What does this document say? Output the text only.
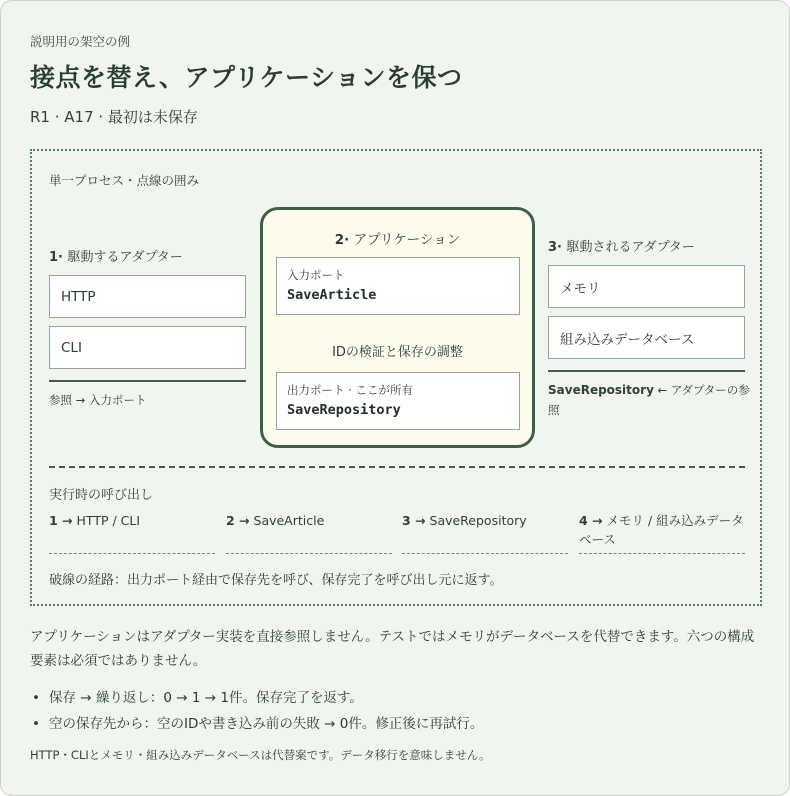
説明用の架空の例
接点を替え、アプリケーションを保つ
R1 · A17 · 最初は未保存
単一プロセス・点線の囲み
1· 駆動するアダプター
HTTP
CLI
参照 → 入力ポート
2· アプリケーション
入力ポート
SaveArticle
IDの検証と保存の調整
出力ポート · ここが所有
SaveRepository
3· 駆動されるアダプター
メモリ
組み込みデータベース
SaveRepository ← アダプターの参照
実行時の呼び出し
1 → HTTP / CLI	2 → SaveArticle	3 → SaveRepository	4 → メモリ / 組み込みデータベース
破線の経路：出力ポート経由で保存先を呼び、保存完了を呼び出し元に返す。
アプリケーションはアダプター実装を直接参照しません。テストではメモリがデータベースを代替できます。六つの構成要素は必須ではありません。
• 保存 → 繰り返し：0 → 1 → 1件。保存完了を返す。
• 空の保存先から：空のIDや書き込み前の失敗 → 0件。修正後に再試行。
HTTP・CLIとメモリ・組み込みデータベースは代替案です。データ移行を意味しません。
